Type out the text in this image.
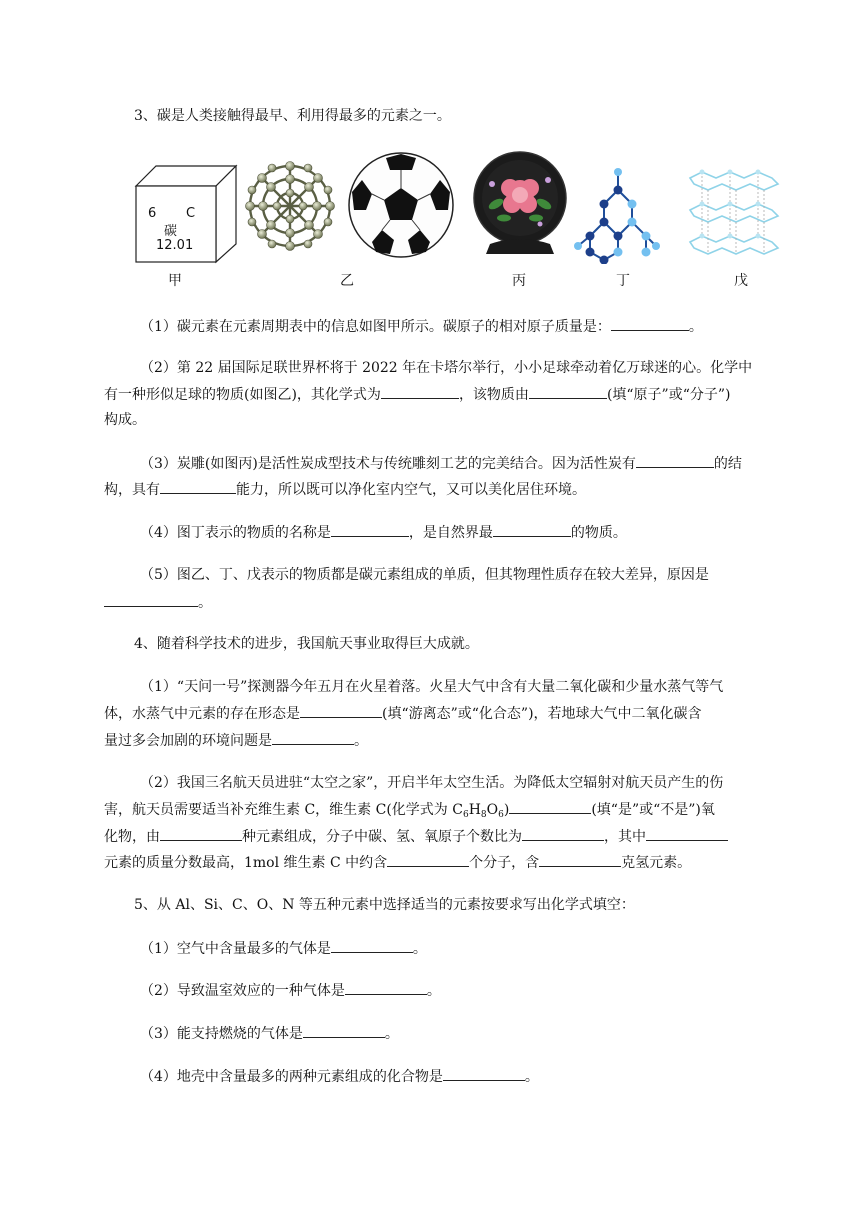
3、碳是人类接触得最早、利用得最多的元素之一。
6 C
碳
12.01
甲	乙	丙	丁	戊
（1）碳元素在元素周期表中的信息如图甲所示。碳原子的相对原子质量是：	。
（2）第 22 届国际足联世界杯将于 2022 年在卡塔尔举行，小小足球牵动着亿万球迷的心。化学中
有一种形似足球的物质(如图乙)，其化学式为	，该物质由	(填“原子”或“分子”)
构成。
（3）炭雕(如图丙)是活性炭成型技术与传统雕刻工艺的完美结合。因为活性炭有	的结
构，具有	能力，所以既可以净化室内空气，又可以美化居住环境。
（4）图丁表示的物质的名称是	，是自然界最	的物质。
（5）图乙、丁、戊表示的物质都是碳元素组成的单质，但其物理性质存在较大差异，原因是
。
4、随着科学技术的进步，我国航天事业取得巨大成就。
（1）“天问一号”探测器今年五月在火星着落。火星大气中含有大量二氧化碳和少量水蒸气等气
体，水蒸气中元素的存在形态是	(填“游离态”或“化合态”)，若地球大气中二氧化碳含
量过多会加剧的环境问题是	。
（2）我国三名航天员进驻“太空之家”，开启半年太空生活。为降低太空辐射对航天员产生的伤
害，航天员需要适当补充维生素 C，维生素 C(化学式为 $C_6H_8O_6$)	(填“是”或“不是”)氧
化物，由	种元素组成，分子中碳、氢、氧原子个数比为	，其中
元素的质量分数最高，1mol 维生素 C 中约含	个分子，含	克氢元素。
5、从 Al、Si、C、O、N 等五种元素中选择适当的元素按要求写出化学式填空：
（1）空气中含量最多的气体是	。
（2）导致温室效应的一种气体是	。
（3）能支持燃烧的气体是	。
（4）地壳中含量最多的两种元素组成的化合物是	。
